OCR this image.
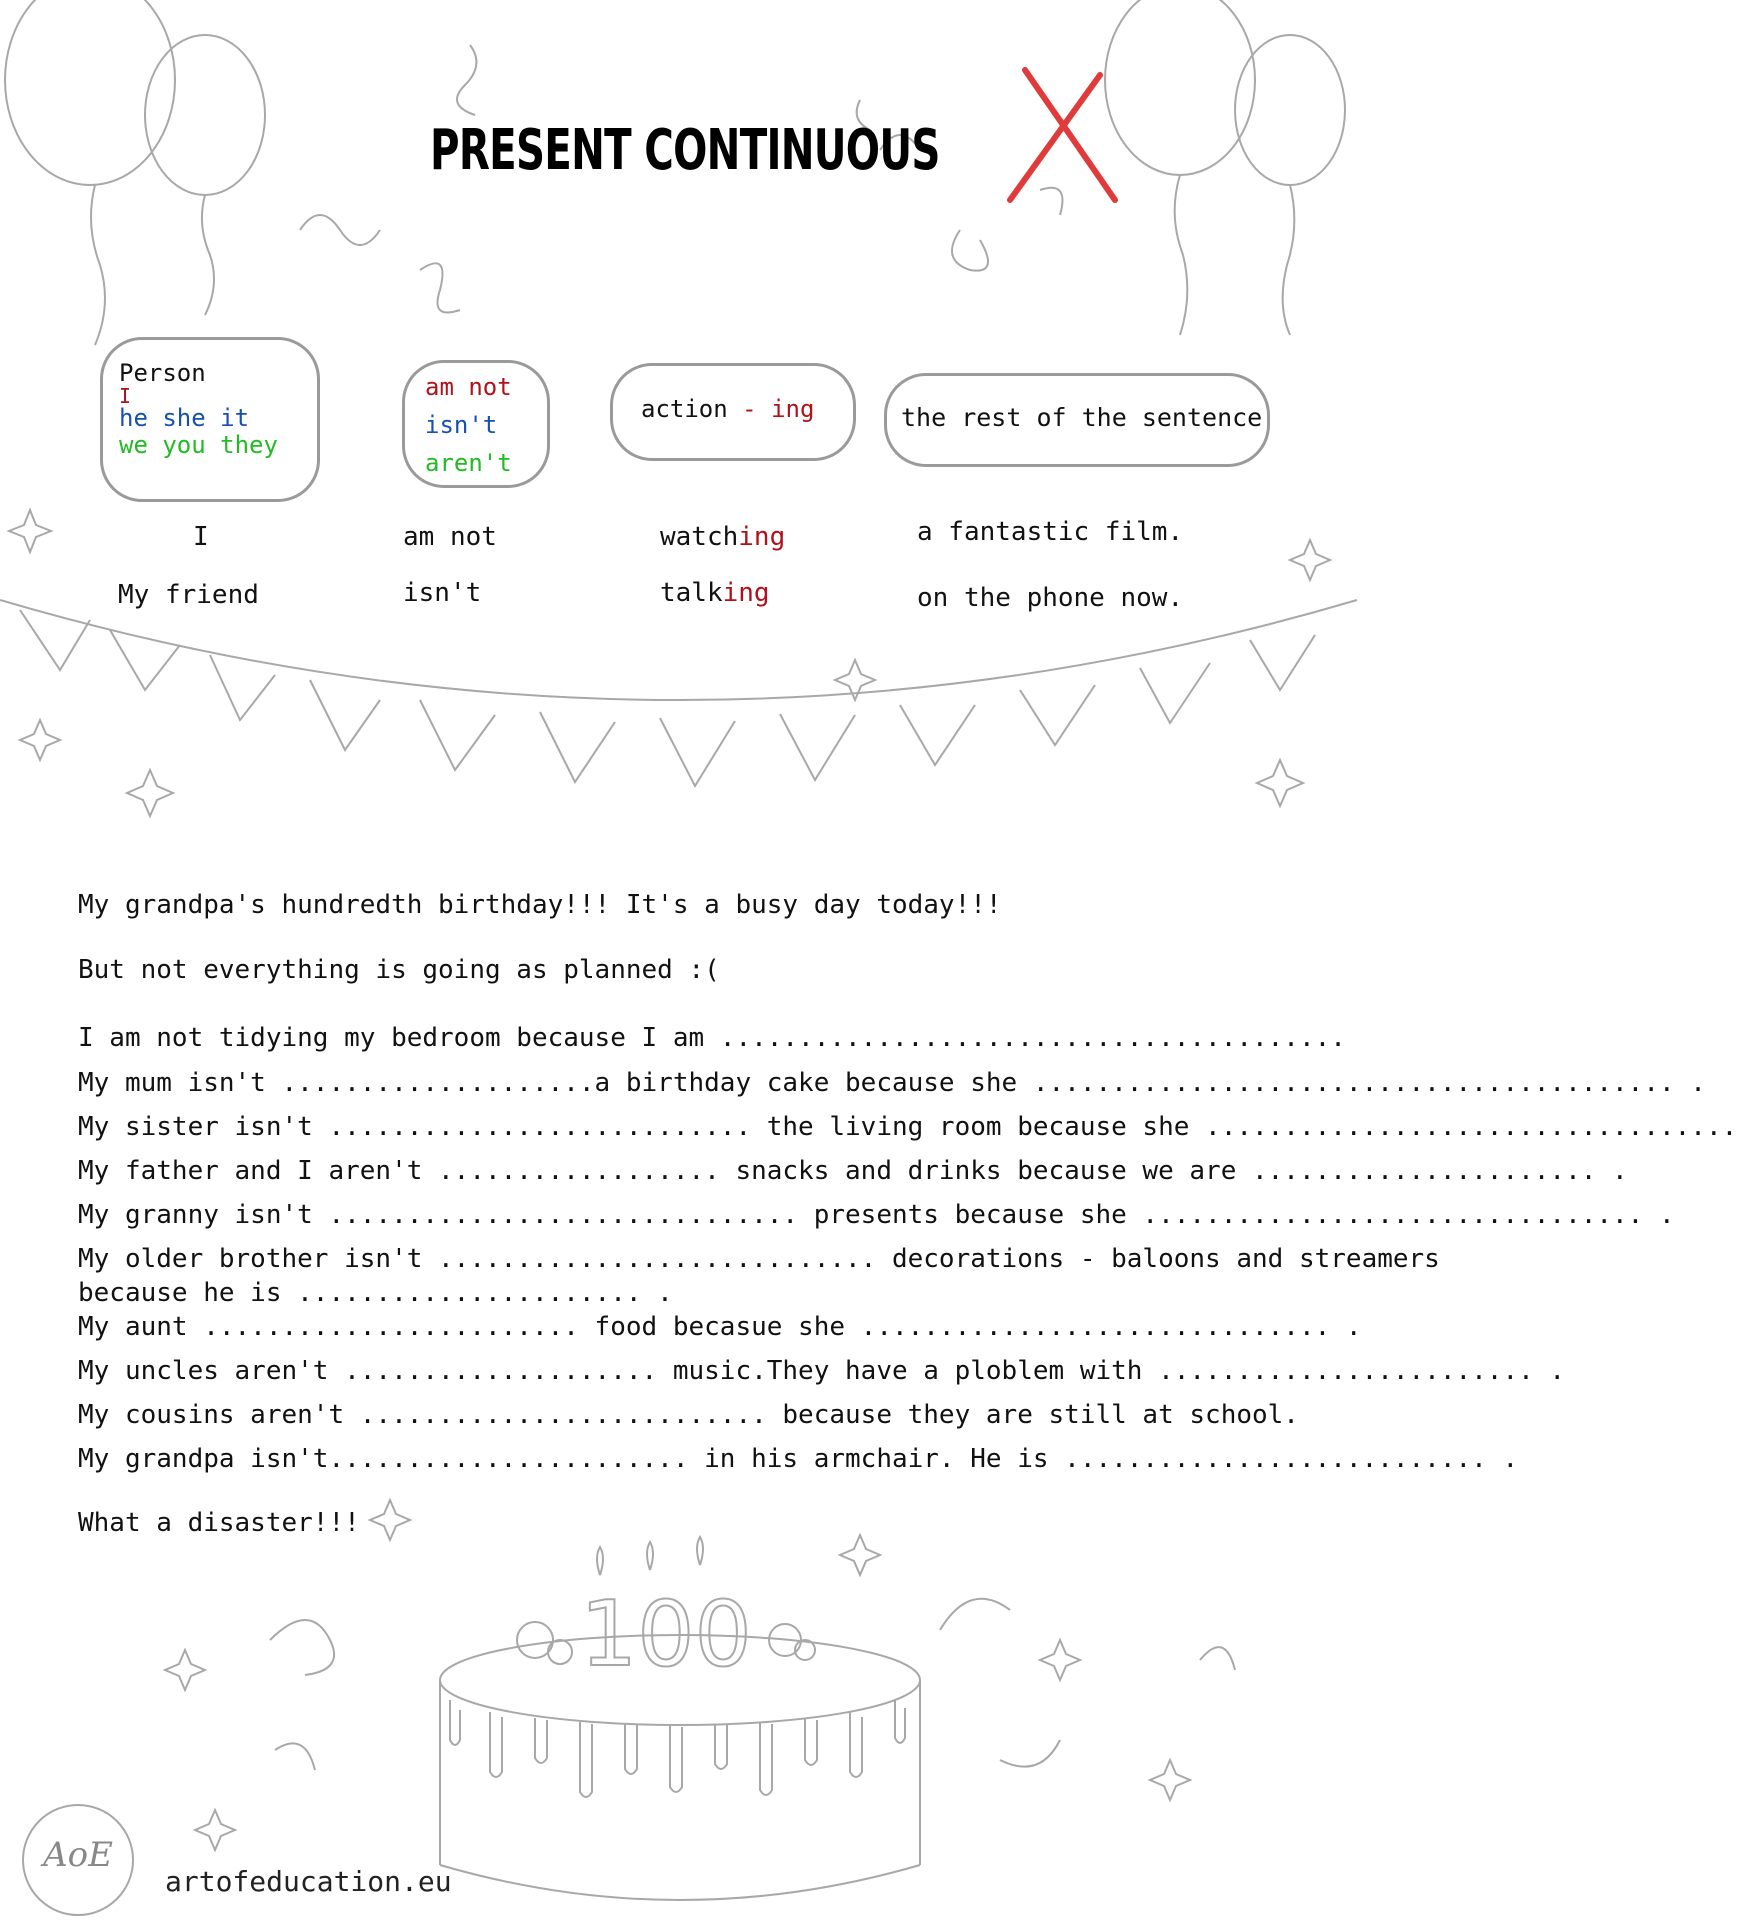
100
PRESENT CONTINUOUS
Person
I
he she it
we you they
am not
isn't
aren't
action - ing	the rest of the sentence
I	am not	watching	a fantastic film.
My friend	isn't	talking	on the phone now.
My grandpa's hundredth birthday!!! It's a busy day today!!!
But not everything is going as planned :(
I am not tidying my bedroom because I am ........................................
My mum isn't ....................a birthday cake because she ......................................... .
My sister isn't ........................... the living room because she ..................................
My father and I aren't .................. snacks and drinks because we are ...................... .
My granny isn't .............................. presents because she ................................ .
My older brother isn't ............................ decorations - baloons and streamers
because he is ...................... .
My aunt ........................ food becasue she .............................. .
My uncles aren't .................... music.They have a ploblem with ........................ .
My cousins aren't .......................... because they are still at school.
My grandpa isn't....................... in his armchair. He is ........................... .
What a disaster!!!
AoE
artofeducation.eu
